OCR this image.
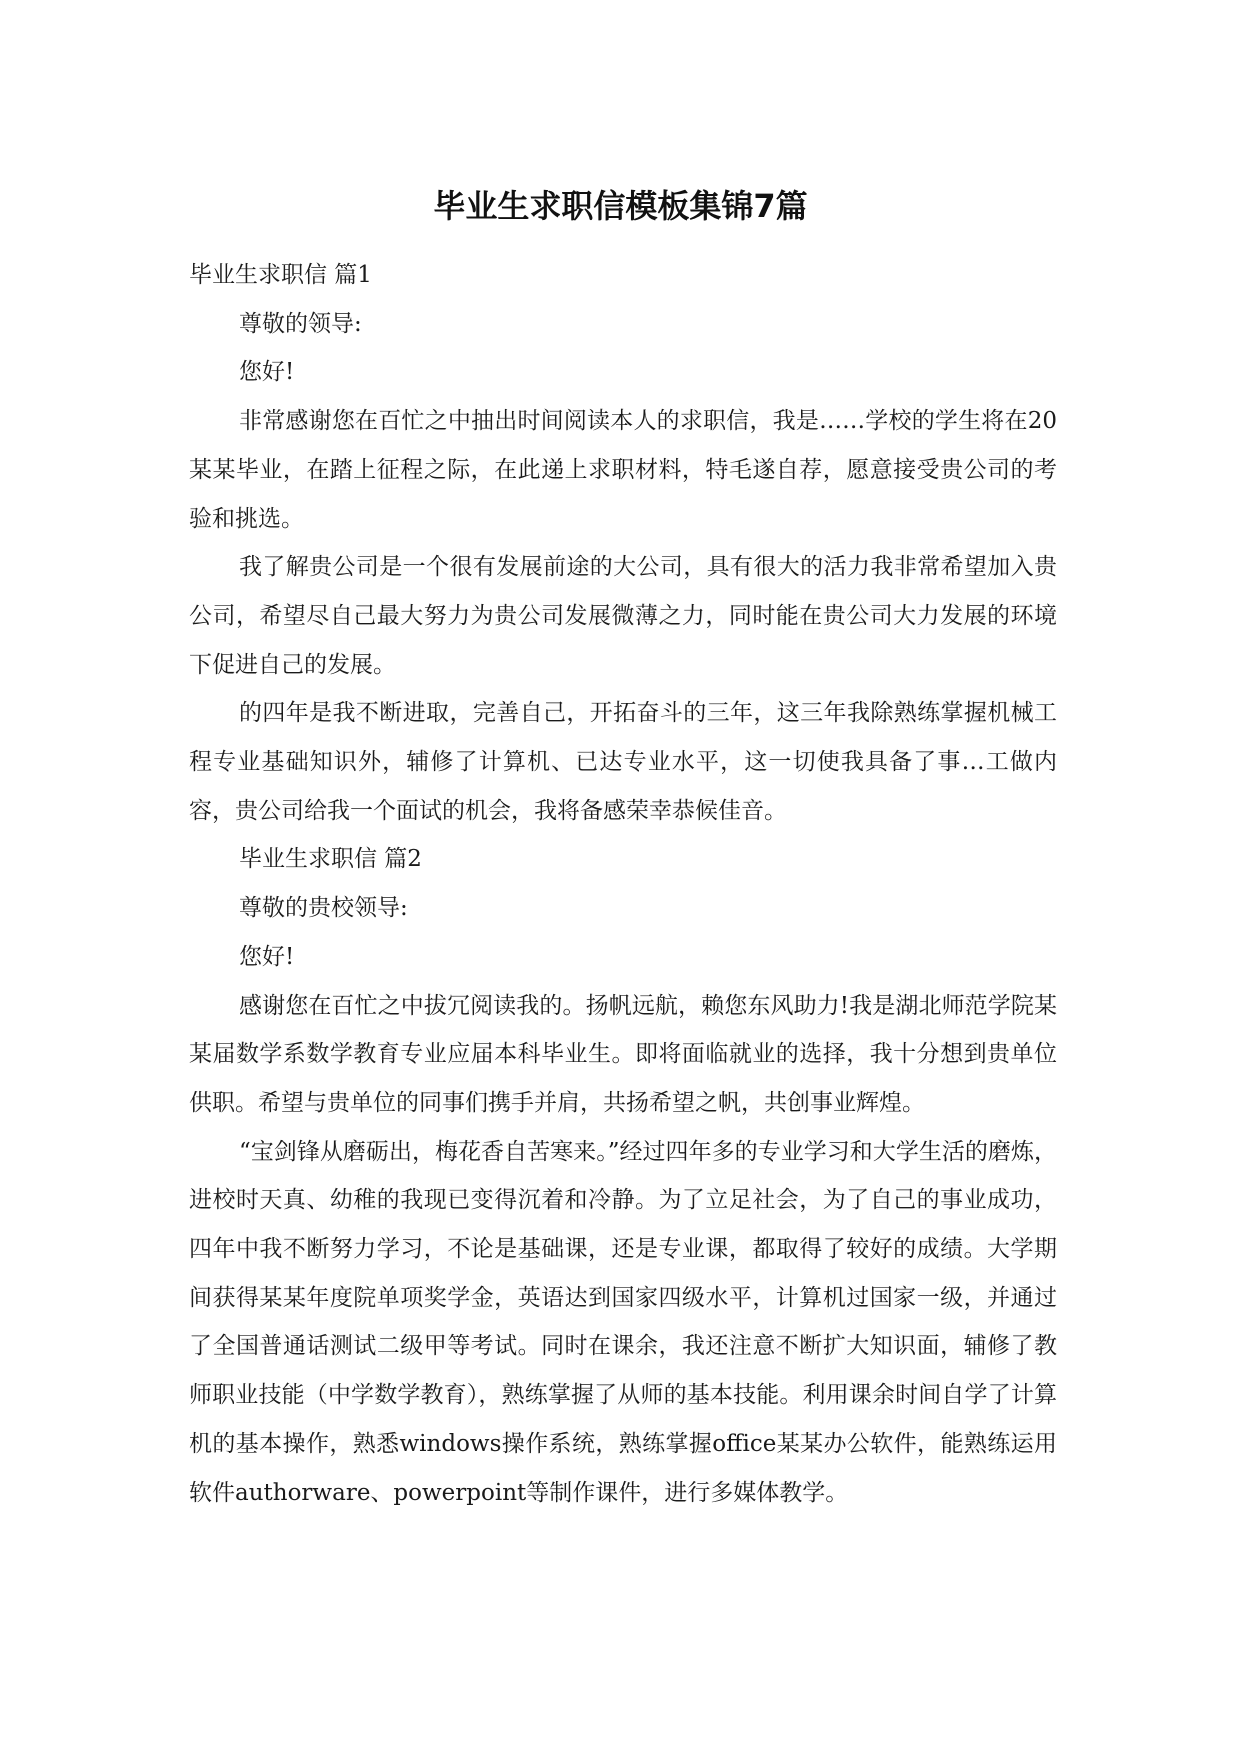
毕业生求职信模板集锦7篇

毕业生求职信 篇1

尊敬的领导:

您好!

非常感谢您在百忙之中抽出时间阅读本人的求职信，我是……学校的学生将在20某某毕业，在踏上征程之际，在此递上求职材料，特毛遂自荐，愿意接受贵公司的考验和挑选。

我了解贵公司是一个很有发展前途的大公司，具有很大的活力我非常希望加入贵公司，希望尽自己最大努力为贵公司发展微薄之力，同时能在贵公司大力发展的环境下促进自己的发展。

的四年是我不断进取，完善自己，开拓奋斗的三年，这三年我除熟练掌握机械工程专业基础知识外，辅修了计算机、已达专业水平，这一切使我具备了事…工做内容，贵公司给我一个面试的机会，我将备感荣幸恭候佳音。

毕业生求职信 篇2

尊敬的贵校领导:

您好!

感谢您在百忙之中拔冗阅读我的。扬帆远航，赖您东风助力!我是湖北师范学院某某届数学系数学教育专业应届本科毕业生。即将面临就业的选择，我十分想到贵单位供职。希望与贵单位的同事们携手并肩，共扬希望之帆，共创事业辉煌。

“宝剑锋从磨砺出，梅花香自苦寒来。”经过四年多的专业学习和大学生活的磨炼，进校时天真、幼稚的我现已变得沉着和冷静。为了立足社会，为了自己的事业成功，四年中我不断努力学习，不论是基础课，还是专业课，都取得了较好的成绩。大学期间获得某某年度院单项奖学金，英语达到国家四级水平，计算机过国家一级，并通过了全国普通话测试二级甲等考试。同时在课余，我还注意不断扩大知识面，辅修了教师职业技能（中学数学教育），熟练掌握了从师的基本技能。利用课余时间自学了计算机的基本操作，熟悉windows操作系统，熟练掌握office某某办公软件，能熟练运用软件authorware、powerpoint等制作课件，进行多媒体教学。
